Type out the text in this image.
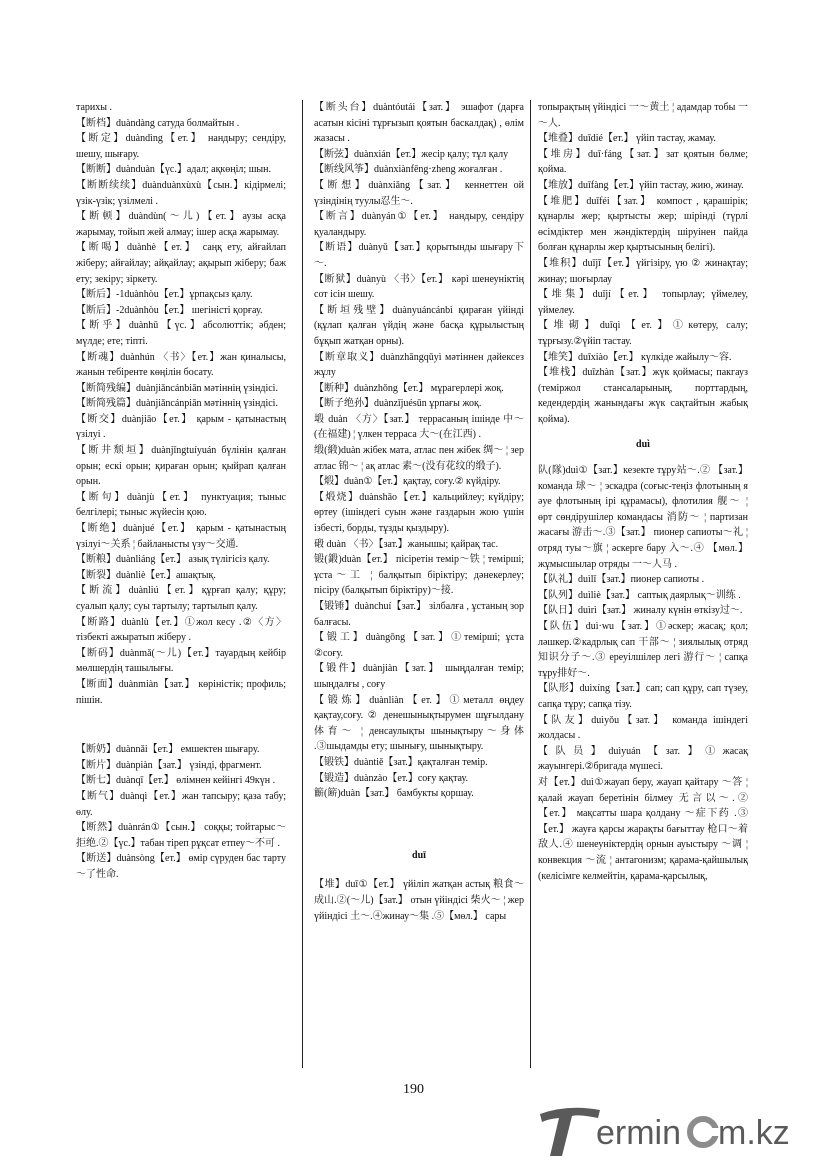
тарихы .

【断档】duàndàng сатуда болмайтын .

【断定】duàndìng【ет.】 нандыру; сендіру, шешу, шығару.

【断断】duànduàn【үс.】адал; ақкөңіл; шын.

【断断续续】duànduànxùxù【сын.】кідірмелі; үзік-үзік; үзілмелі .

【断顿】duàndùn(～儿)【ет.】аузы асқа жарымау, тойып жей алмау; ішер асқа жарымау.

【断喝】duànhè【ет.】 саңқ ету, айғайлап жіберу; айғайлау; айқайлау; ақырып жіберу; баж ету; зекіру; зіркету.

【断后】-1duànhòu【ет.】ұрпақсыз қалу.

【断后】-2duànhòu【ет.】 шегіністі қорғау.

【断乎】duànhū【үс.】абсолюттік; әбден; мүлде; ете; тіпті.

【断魂】duànhún 〈书〉【ет.】жан қиналысы, жанын тебіренте көңілін босату.

【断简残编】duànjiǎncánbiān мәтіннің үзіндісі.

【断简残篇】duànjiǎncánpiān мәтіннің үзіндісі.

【断交】duànjiāo【ет.】 қарым - қатынастың үзілуі .

【断井颓垣】duànjǐngtuíyuán бүлінін қалған орын; ескі орын; қираған орын; қыйрап қалған орын.

【断句】duànjù【ет.】 пунктуация; тыныс белгілері; тыныс жүйесін қою.

【断绝】duànjué【ет.】 қарым - қатынастың үзілуі～关系 ¦ байланысты үзу～交通.

【断粮】duànliáng【ет.】 азық түлігісіз қалу.

【断裂】duànliè【ет.】ашақтық.

【断流】duànliú【ет.】құрғап қалу; құру; суалып қалу; суы тартылу; тартылып қалу.

【断路】duànlù【ет.】①жол кесу .②〈方〉тізбекті ажыратып жіберу .

【断码】duànmǎ(～儿)【ет.】тауардың кейбір мөлшердің ташылығы.

【断面】duànmiàn【зат.】 көріністік; профиль; пішін.

【断奶】duànnǎi【ет.】 емшектен шығару.

【断片】duànpiàn【зат.】 үзінді, фрагмент.

【断七】duànqī【ет.】 өлімнен кейінгі 49күн .

【断气】duànqì【ет.】жан тапсыру; қаза табу; өлу.

【断然】duànrán①【сын.】 соққы; тойтарыс～拒绝.②【үс.】табан тіреп рұқсат етпеу～不可 .

【断送】duànsòng【ет.】 өмір сүруден бас тарту～了性命.

【断头台】duàntóutái【зат.】 эшафот (дарға асатын кісіні тұрғызып қоятын баскалдақ) , өлім жазасы .

【断弦】duànxián【ет.】жесір қалу; тұл қалу

【断线风筝】duànxiànfēng·zheng жоғалған .

【断想】duànxiǎng【зат.】 кеннеттен ой үзіндінің туулы忍生～.

【断言】duànyán①【ет.】 нандыру, сендіру қуаландыру.

【断语】duànyǔ【зат.】қорытынды шығару下～.

【断狱】duànyù 〈书〉【ет.】 кәрі шенеуніктің сот ісін шешу.

【断垣残壁】duànyuáncánbì қираған үйінді (құлап қалған үйдің және басқа құрылыстың бұқып жатқан орны).

【断章取义】duànzhāngqǔyì мәтіннен дәйексез жұлу

【断种】duànzhǒng【ет.】 мұрагерлері жоқ.

【断子绝孙】duànzǐjuésūn ұрпағы жоқ.

塅 duàn 〈方〉【зат.】 террасаның ішінде 中～(在福建) ¦ үлкен терраса 大～(在江西) .

缎(緞)duàn жібек мата, атлас пен жібек 绸～ ¦ зер атлас 锦～ ¦ ақ атлас 素～(没有花纹的缎子).

【煅】duàn①【ет.】қақтау, соғу.② күйдіру.

【煅烧】duànshāo【ет.】кальцийлеу; күйдіру; өртеу (ішіндегі суын және газдарын жою үшін ізбесті, борды, тұзды қыздыру).

碫 duàn 〈书〉【зат.】жанышы; қайрақ тас.

锻(鍛)duàn【ет.】 пісіретін темір～铁 ¦ темірші; ұста～工 ¦ балқытып біріктіру; дәнекерлеу; пісіру (балқытып біріктіру)～接.

【锻锤】duànchuí【зат.】 зілбалға , ұстаның зор балғасы.

【锻工】duàngōng【зат.】①темірші; ұста ②соғу.

【锻件】duànjiàn【зат.】 шыңдалған темір; шыңдалғы , соғу

【锻炼】duànliàn【ет.】①металл өңдеу қақтау,соғу. ② денешынықтырумен шұғылдану 体育～ ¦ денсаулықты шынықтыру～身体 .③шыдамды ету; шынығу, шынықтыру.

【锻铁】duàntiě【зат.】қақталған темір.

【锻造】duànzào【ет.】соғу қақтау.

籪(簖)duàn【зат.】 бамбукты қоршау.

duī

【堆】duī①【ет.】 үйіліп жатқан астық 粮食～成山.②(～儿)【зат.】 отын үйіндісі 柴火～ ¦ жер үйіндісі 土～.④жинау～集 .⑤【мөл.】 сары

топырақтың үйіндісі 一～黄土 ¦ адамдар тобы 一～人.

【堆叠】duīdié【ет.】 үйіп тастау, жамау.

【堆房】duī·fáng【зат.】зат қоятын бөлме; қойма.

【堆放】duīfàng【ет.】үйіп тастау, жию, жинау.

【堆肥】duīféi【зат.】 компост , қарашірік; құнарлы жер; қыртысты жер; шірінді (түрлі өсімдіктер мен жәндіктердің шіруінен пайда болған құнарлы жер қыртысының белігі).

【堆积】duījī【ет.】үйгізіру, үю ② жинақтау; жинау; шоғырлау

【堆集】duījí【ет.】 топырлау; үймелеу, үймелеу.

【堆砌】duīqì【ет.】①көтеру, салу; тұрғызу.②үйіп тастау.

【堆笑】duīxiào【ет.】 күлкіде жайылу～容.

【堆栈】duīzhàn【зат.】жүк қоймасы; пакгауз (теміржол стансаларының, порттардың, кедендердің жанындағы жүк сақтайтын жабық қойма).

duì

队(隊)duì①【зат.】кезекте тұру站～.② 【зат.】 команда 球～ ¦ эскадра (соғыс-теңіз флотының я әуе флотының ірі құрамасы), флотилия 舰～ ¦ өрт сөндірушілер командасы 消防～ ¦ партизан жасағы 游击～.③【зат.】 пионер сапиоты～礼 ¦ отряд туы～旗 ¦ әскерге бару 入～.④ 【мөл.】 жұмысшылар отряды 一～人马 .

【队礼】duìlǐ【зат.】пионер сапиоты .

【队列】duìliè【зат.】 саптық даярлық～训练 .

【队日】duìrì【зат.】 жиналу күнін өткізу过～.

【队伍】duì·wu【зат.】①әскер; жасақ; қол; ләшкер.②кадрлық сап 干部～ ¦ зиялылық отряд 知识分子～.③ ереуілшілер легі 游行～ ¦ сапқа тұру排好～.

【队形】duìxíng【зат.】сап; сап құру, сап түзеу, сапқа тұру; сапқа тізу.

【队友】duìyǒu【зат.】 команда ішіндегі жолдасы .

【队员】duìyuán【зат.】①жасақ жауынгері.②бригада мүшесі.

对【ет.】duì①жауап беру, жауап қайтару ～答 ¦ қалай жауап беретінін білмеу 无言以～.②【ет.】 мақсатты шара қолдану ～症下药 .③【ет.】 жауға қарсы жарақты бағыттау 枪口～着敌人.④ шенеуніктердің орнын ауыстыру ～调 ¦ конвекция ～流 ¦ антагонизм; қарама-қайшылық (келісімге келмейтін, қарама-қарсылық,

190
ermin m.kz
